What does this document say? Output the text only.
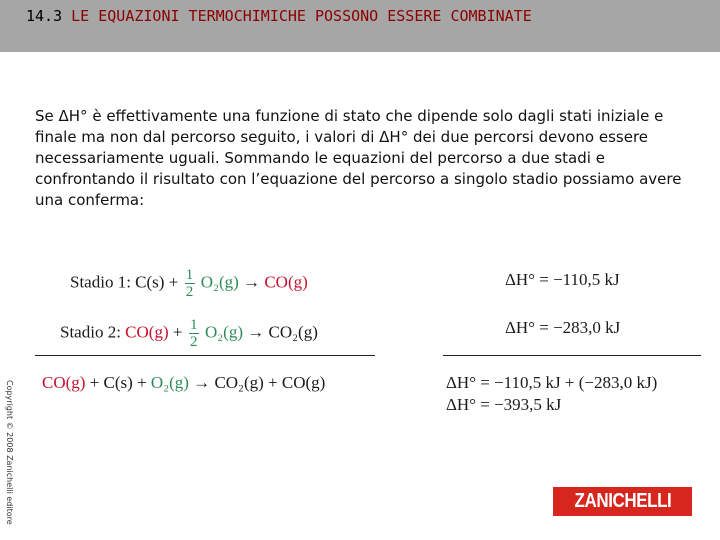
14.3 LE EQUAZIONI TERMOCHIMICHE POSSONO ESSERE COMBINATE

Se ΔH° è effettivamente una funzione di stato che dipende solo dagli stati iniziale e finale ma non dal percorso seguito, i valori di ΔH° dei due percorsi devono essere necessariamente uguali. Sommando le equazioni del percorso a due stadi e confrontando il risultato con l’equazione del percorso a singolo stadio possiamo avere una conferma:

Stadio 1: $C(s) + \frac{1}{2} O_2(g) \to CO(g)$	ΔH° = −110,5 kJ
Stadio 2: $CO(g) + \frac{1}{2} O_2(g) \to CO_2(g)$	ΔH° = −283,0 kJ
CO(g) + C(s) + O₂(g) → CO₂(g) + CO(g)	ΔH° = −110,5 kJ + (−283,0 kJ)
ΔH° = −393,5 kJ
Copyright © 2008 Zanichelli editore	ZANICHELLI
